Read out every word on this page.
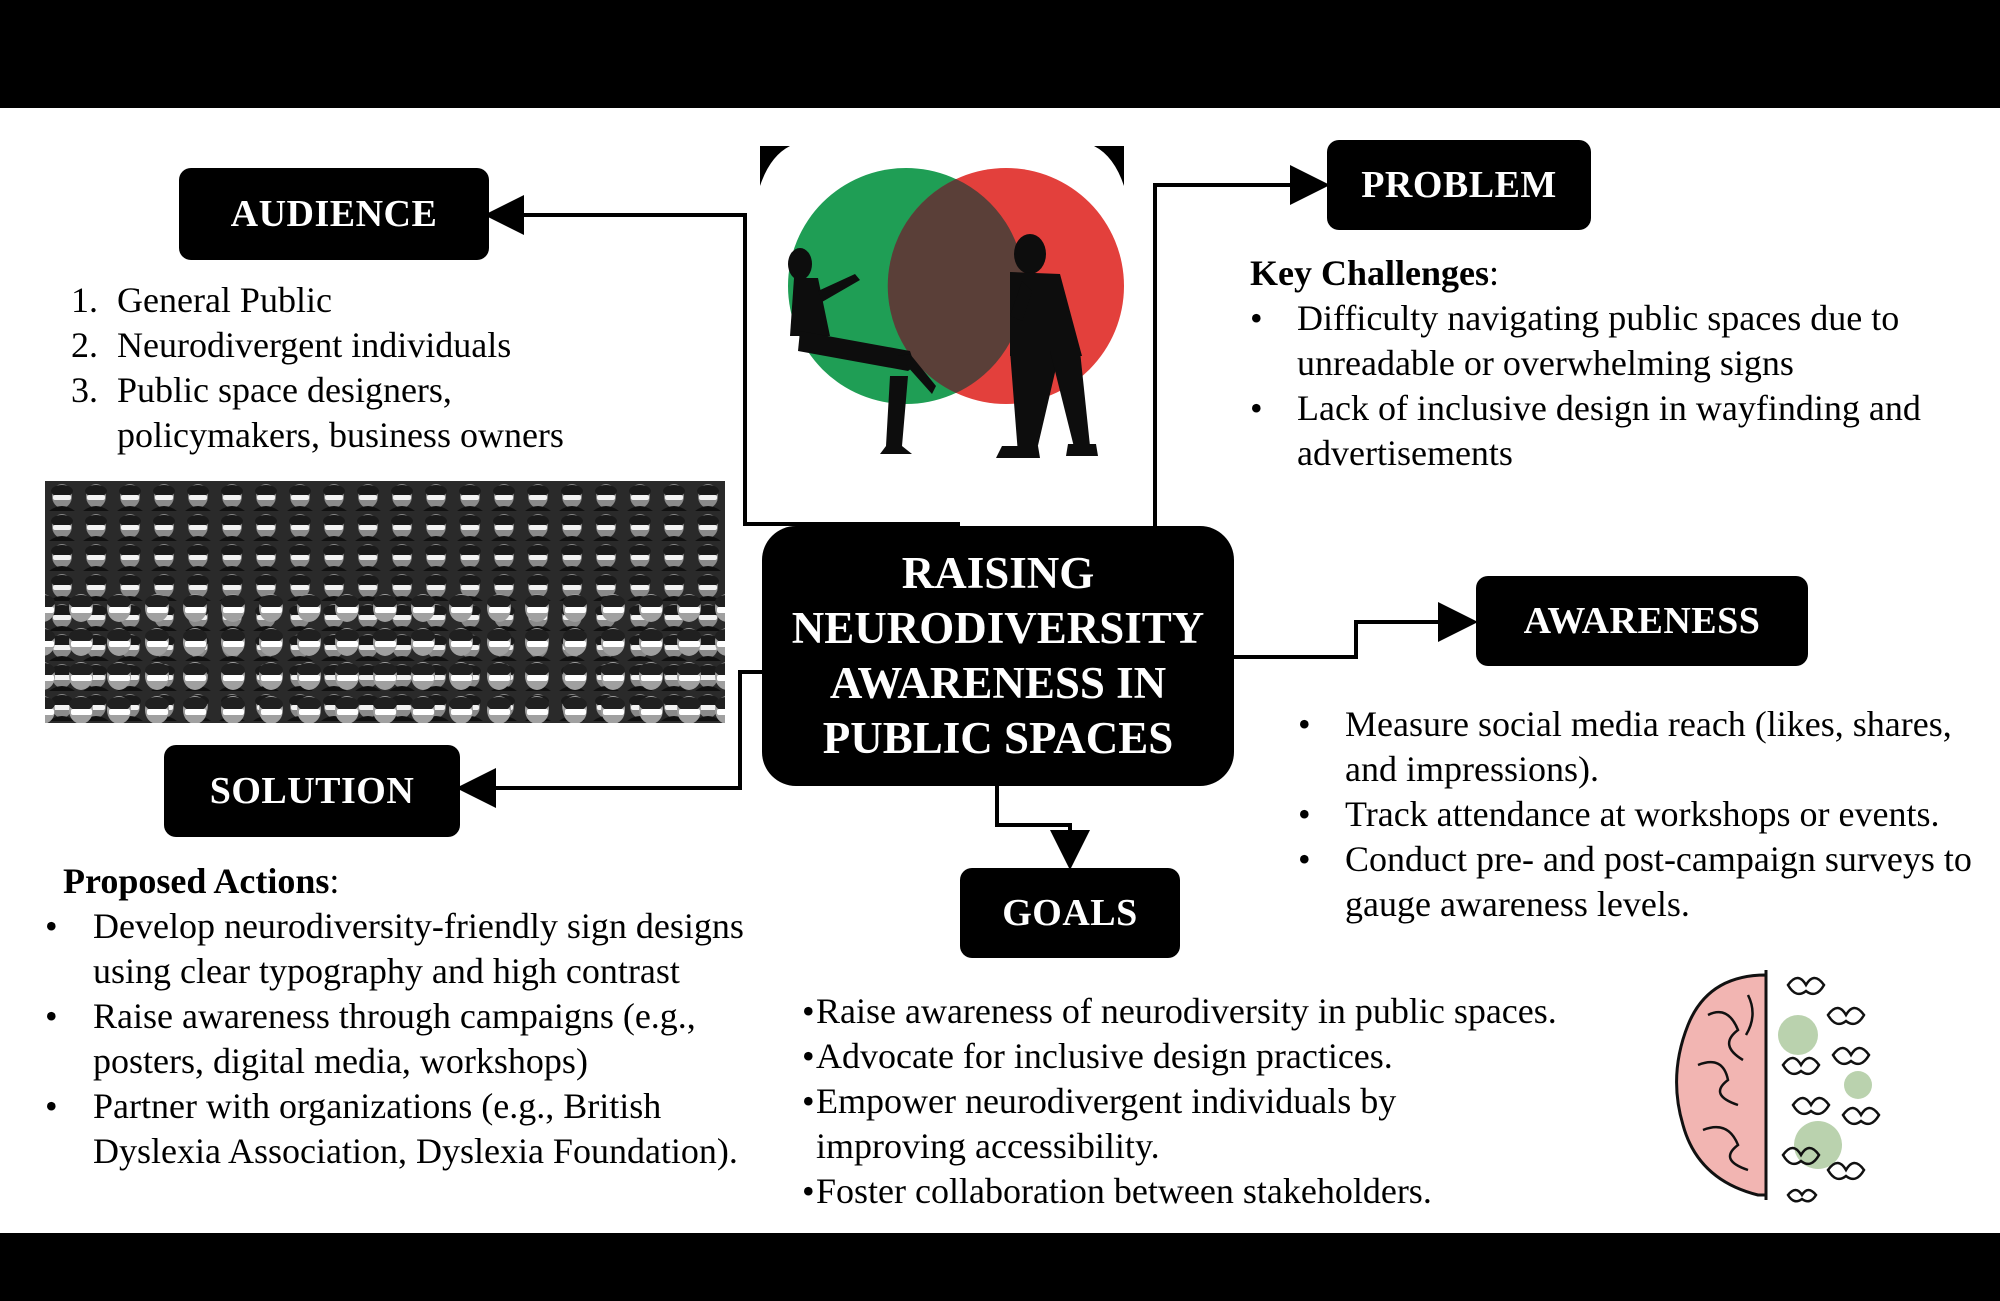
RAISING
NEURODIVERSITY
AWARENESS IN
PUBLIC SPACES
AUDIENCE
1. General Public
2. Neurodivergent individuals
3. Public space designers, policymakers, business owners
SOLUTION
Proposed Actions:
• Develop neurodiversity-friendly sign designs using clear typography and high contrast
• Raise awareness through campaigns (e.g., posters, digital media, workshops)
• Partner with organizations (e.g., British Dyslexia Association, Dyslexia Foundation).
PROBLEM
Key Challenges:
• Difficulty navigating public spaces due to unreadable or overwhelming signs
• Lack of inclusive design in wayfinding and advertisements
AWARENESS
• Measure social media reach (likes, shares, and impressions).
• Track attendance at workshops or events.
• Conduct pre- and post-campaign surveys to gauge awareness levels.
GOALS
• Raise awareness of neurodiversity in public spaces.
• Advocate for inclusive design practices.
• Empower neurodivergent individuals by improving accessibility.
• Foster collaboration between stakeholders.
